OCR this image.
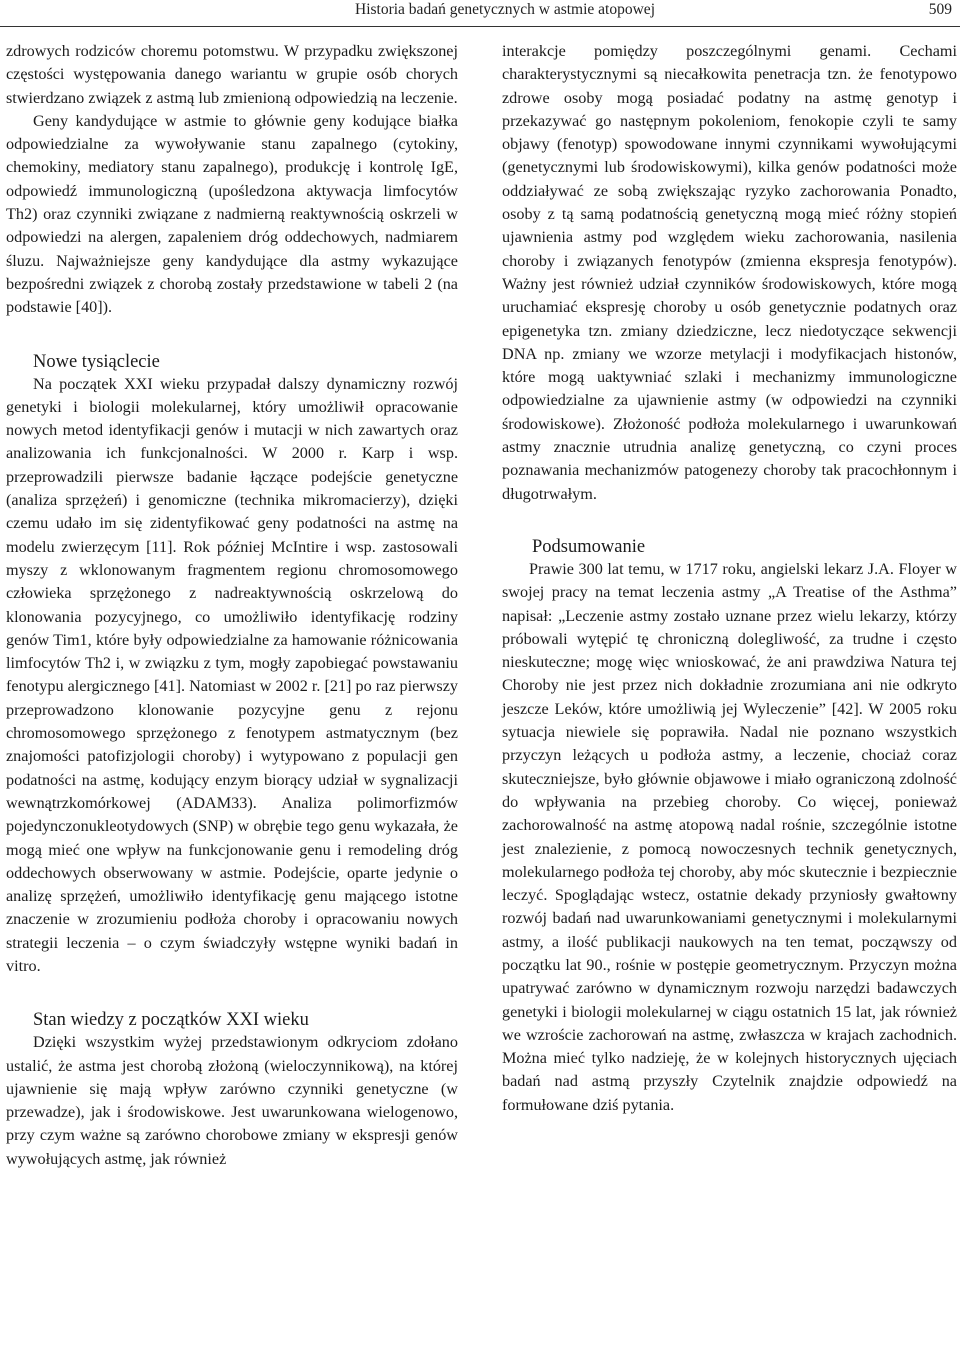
Historia badań genetycznych w astmie atopowej	509

zdrowych rodziców choremu potomstwu. W przypadku zwiększonej częstości występowania danego wariantu w grupie osób chorych stwierdzano związek z astmą lub zmienioną odpowiedzią na leczenie.

Geny kandydujące w astmie to głównie geny kodujące białka odpowiedzialne za wywoływanie stanu zapalnego (cytokiny, chemokiny, mediatory stanu zapalnego), produkcję i kontrolę IgE, odpowiedź immunologiczną (upośledzona aktywacja limfocytów Th2) oraz czynniki związane z nadmierną reaktywnością oskrzeli w odpowiedzi na alergen, zapaleniem dróg oddechowych, nadmiarem śluzu. Najważniejsze geny kandydujące dla astmy wykazujące bezpośredni związek z chorobą zostały przedstawione w tabeli 2 (na podstawie [40]).

Nowe tysiąclecie

Na początek XXI wieku przypadał dalszy dynamiczny rozwój genetyki i biologii molekularnej, który umożliwił opracowanie nowych metod identyfikacji genów i mutacji w nich zawartych oraz analizowania ich funkcjonalności. W 2000 r. Karp i wsp. przeprowadzili pierwsze badanie łączące podejście genetyczne (analiza sprzężeń) i genomiczne (technika mikromacierzy), dzięki czemu udało im się zidentyfikować geny podatności na astmę na modelu zwierzęcym [11]. Rok później McIntire i wsp. zastosowali myszy z wklonowanym fragmentem regionu chromosomowego człowieka sprzężonego z nadreaktywnością oskrzelową do klonowania pozycyjnego, co umożliwiło identyfikację rodziny genów Tim1, które były odpowiedzialne za hamowanie różnicowania limfocytów Th2 i, w związku z tym, mogły zapobiegać powstawaniu fenotypu alergicznego [41]. Natomiast w 2002 r. [21] po raz pierwszy przeprowadzono klonowanie pozycyjne genu z rejonu chromosomowego sprzężonego z fenotypem astmatycznym (bez znajomości patofizjologii choroby) i wytypowano z populacji gen podatności na astmę, kodujący enzym biorący udział w sygnalizacji wewnątrzkomórkowej (ADAM33). Analiza polimorfizmów pojedynczonukleotydowych (SNP) w obrębie tego genu wykazała, że mogą mieć one wpływ na funkcjonowanie genu i remodeling dróg oddechowych obserwowany w astmie. Podejście, oparte jedynie o analizę sprzężeń, umożliwiło identyfikację genu mającego istotne znaczenie w zrozumieniu podłoża choroby i opracowaniu nowych strategii leczenia – o czym świadczyły wstępne wyniki badań in vitro.

Stan wiedzy z początków XXI wieku

Dzięki wszystkim wyżej przedstawionym odkryciom zdołano ustalić, że astma jest chorobą złożoną (wieloczynnikową), na której ujawnienie się mają wpływ zarówno czynniki genetyczne (w przewadze), jak i środowiskowe. Jest uwarunkowana wielogenowo, przy czym ważne są zarówno chorobowe zmiany w ekspresji genów wywołujących astmę, jak również

interakcje pomiędzy poszczególnymi genami. Cechami charakterystycznymi są niecałkowita penetracja tzn. że fenotypowo zdrowe osoby mogą posiadać podatny na astmę genotyp i przekazywać go następnym pokoleniom, fenokopie czyli te samy objawy (fenotyp) spowodowane innymi czynnikami wywołującymi (genetycznymi lub środowiskowymi), kilka genów podatności może oddziaływać ze sobą zwiększając ryzyko zachorowania Ponadto, osoby z tą samą podatnością genetyczną mogą mieć różny stopień ujawnienia astmy pod względem wieku zachorowania, nasilenia choroby i związanych fenotypów (zmienna ekspresja fenotypów). Ważny jest również udział czynników środowiskowych, które mogą uruchamiać ekspresję choroby u osób genetycznie podatnych oraz epigenetyka tzn. zmiany dziedziczne, lecz niedotyczące sekwencji DNA np. zmiany we wzorze metylacji i modyfikacjach histonów, które mogą uaktywniać szlaki i mechanizmy immunologiczne odpowiedzialne za ujawnienie astmy (w odpowiedzi na czynniki środowiskowe). Złożoność podłoża molekularnego i uwarunkowań astmy znacznie utrudnia analizę genetyczną, co czyni proces poznawania mechanizmów patogenezy choroby tak pracochłonnym i długotrwałym.

Podsumowanie

Prawie 300 lat temu, w 1717 roku, angielski lekarz J.A. Floyer w swojej pracy na temat leczenia astmy „A Treatise of the Asthma” napisał: „Leczenie astmy zostało uznane przez wielu lekarzy, którzy próbowali wytępić tę chroniczną dolegliwość, za trudne i często nieskuteczne; mogę więc wnioskować, że ani prawdziwa Natura tej Choroby nie jest przez nich dokładnie zrozumiana ani nie odkryto jeszcze Leków, które umożliwią jej Wyleczenie” [42]. W 2005 roku sytuacja niewiele się poprawiła. Nadal nie poznano wszystkich przyczyn leżących u podłoża astmy, a leczenie, chociaż coraz skuteczniejsze, było głównie objawowe i miało ograniczoną zdolność do wpływania na przebieg choroby. Co więcej, ponieważ zachorowalność na astmę atopową nadal rośnie, szczególnie istotne jest znalezienie, z pomocą nowoczesnych technik genetycznych, molekularnego podłoża tej choroby, aby móc skutecznie i bezpiecznie leczyć. Spoglądając wstecz, ostatnie dekady przyniosły gwałtowny rozwój badań nad uwarunkowaniami genetycznymi i molekularnymi astmy, a ilość publikacji naukowych na ten temat, począwszy od początku lat 90., rośnie w postępie geometrycznym. Przyczyn można upatrywać zarówno w dynamicznym rozwoju narzędzi badawczych genetyki i biologii molekularnej w ciągu ostatnich 15 lat, jak również we wzroście zachorowań na astmę, zwłaszcza w krajach zachodnich. Można mieć tylko nadzieję, że w kolejnych historycznych ujęciach badań nad astmą przyszły Czytelnik znajdzie odpowiedź na formułowane dziś pytania.
